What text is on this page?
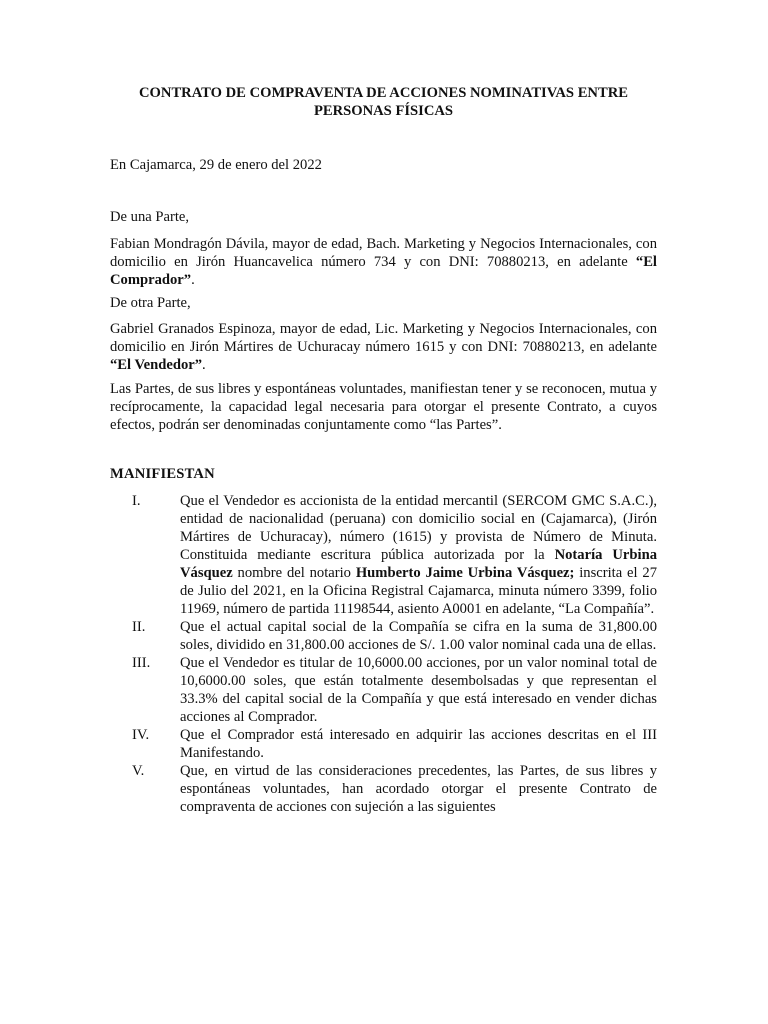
CONTRATO DE COMPRAVENTA DE ACCIONES NOMINATIVAS ENTRE
PERSONAS FÍSICAS
En Cajamarca, 29 de enero del 2022
De una Parte,
Fabian Mondragón Dávila, mayor de edad, Bach. Marketing y Negocios Internacionales, con domicilio en Jirón Huancavelica número 734 y con DNI: 70880213, en adelante “El Comprador”.
De otra Parte,
Gabriel Granados Espinoza, mayor de edad, Lic. Marketing y Negocios Internacionales, con domicilio en Jirón Mártires de Uchuracay número 1615 y con DNI: 70880213, en adelante “El Vendedor”.
Las Partes, de sus libres y espontáneas voluntades, manifiestan tener y se reconocen, mutua y recíprocamente, la capacidad legal necesaria para otorgar el presente Contrato, a cuyos efectos, podrán ser denominadas conjuntamente como “las Partes”.
MANIFIESTAN
I.	Que el Vendedor es accionista de la entidad mercantil (SERCOM GMC S.A.C.), entidad de nacionalidad (peruana) con domicilio social en (Cajamarca), (Jirón Mártires de Uchuracay), número (1615) y provista de Número de Minuta. Constituida mediante escritura pública autorizada por la Notaría Urbina Vásquez nombre del notario Humberto Jaime Urbina Vásquez; inscrita el 27 de Julio del 2021, en la Oficina Registral Cajamarca, minuta número 3399, folio 11969, número de partida 11198544, asiento A0001 en adelante, “La Compañía”.
II.	Que el actual capital social de la Compañía se cifra en la suma de 31,800.00 soles, dividido en 31,800.00 acciones de S/. 1.00 valor nominal cada una de ellas.
III.	Que el Vendedor es titular de 10,6000.00 acciones, por un valor nominal total de 10,6000.00 soles, que están totalmente desembolsadas y que representan el 33.3% del capital social de la Compañía y que está interesado en vender dichas acciones al Comprador.
IV.	Que el Comprador está interesado en adquirir las acciones descritas en el III Manifestando.
V.	Que, en virtud de las consideraciones precedentes, las Partes, de sus libres y espontáneas voluntades, han acordado otorgar el presente Contrato de compraventa de acciones con sujeción a las siguientes
